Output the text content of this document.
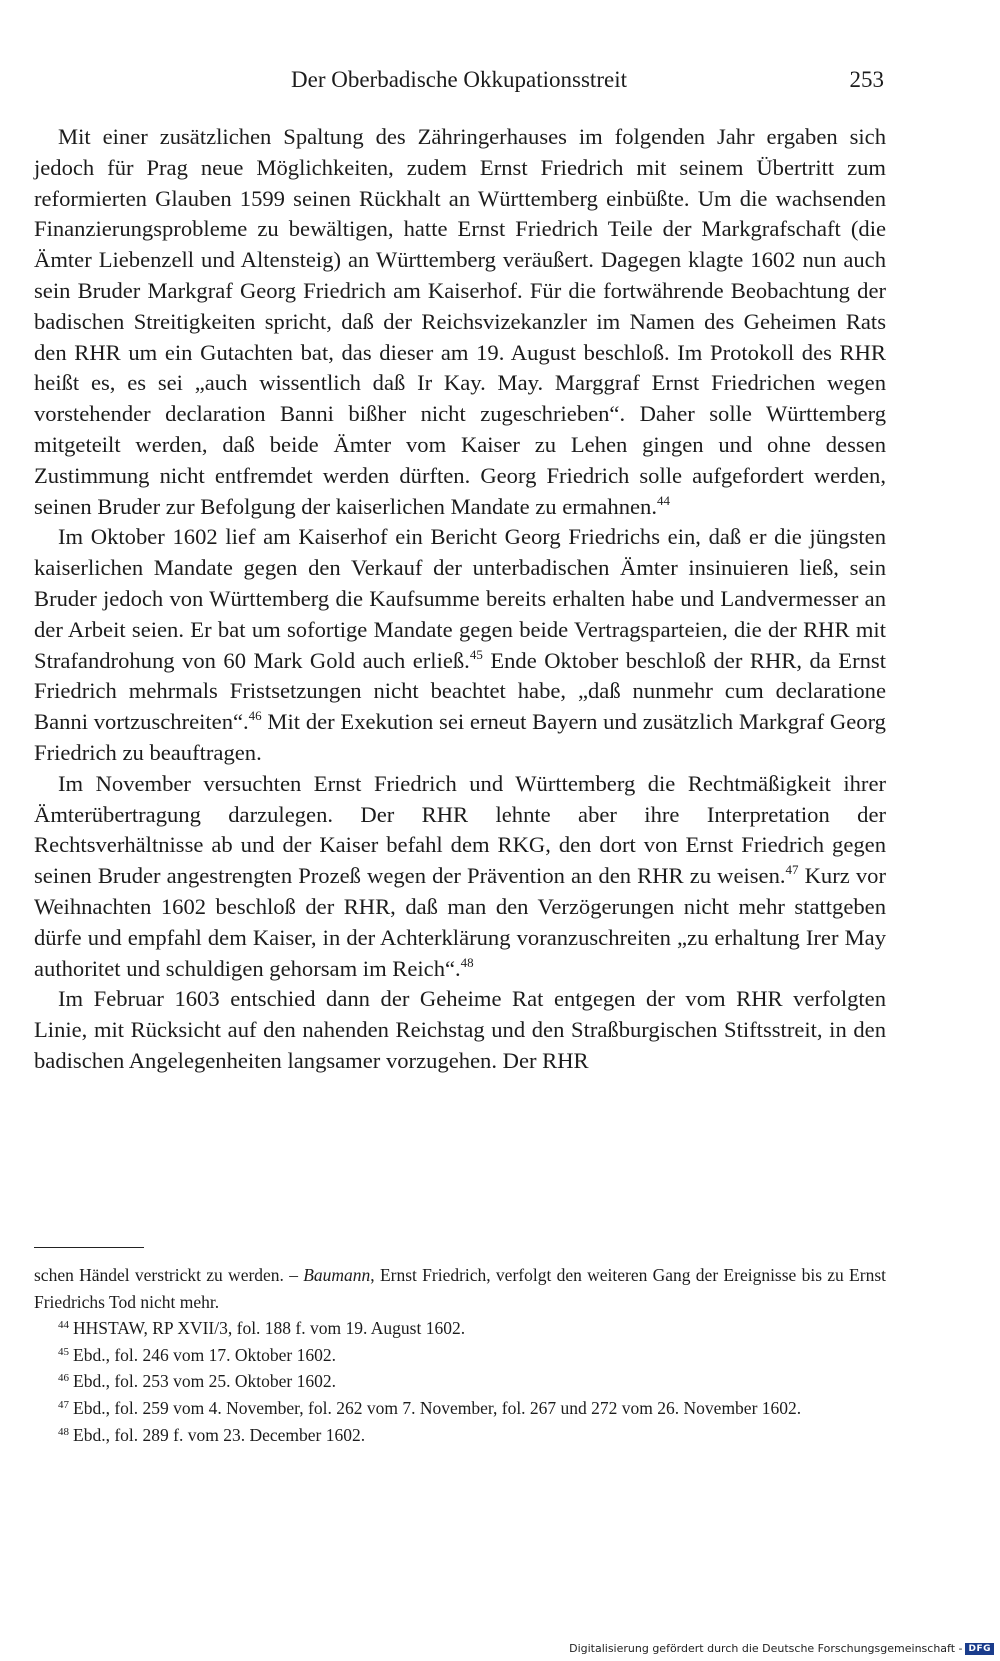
Der Oberbadische Okkupationsstreit	253

Mit einer zusätzlichen Spaltung des Zähringerhauses im folgenden Jahr ergaben sich jedoch für Prag neue Möglichkeiten, zudem Ernst Friedrich mit seinem Übertritt zum reformierten Glauben 1599 seinen Rückhalt an Württemberg einbüßte. Um die wachsenden Finanzierungsprobleme zu bewältigen, hatte Ernst Friedrich Teile der Markgrafschaft (die Ämter Liebenzell und Altensteig) an Württemberg veräußert. Dagegen klagte 1602 nun auch sein Bruder Markgraf Georg Friedrich am Kaiserhof. Für die fortwährende Beobachtung der badischen Streitigkeiten spricht, daß der Reichsvizekanzler im Namen des Geheimen Rats den RHR um ein Gutachten bat, das dieser am 19. August beschloß. Im Protokoll des RHR heißt es, es sei „auch wissentlich daß Ir Kay. May. Marggraf Ernst Friedrichen wegen vorstehender declaration Banni bißher nicht zugeschrieben“. Daher solle Württemberg mitgeteilt werden, daß beide Ämter vom Kaiser zu Lehen gingen und ohne dessen Zustimmung nicht entfremdet werden dürften. Georg Friedrich solle aufgefordert werden, seinen Bruder zur Befolgung der kaiserlichen Mandate zu ermahnen.$^{44}$

Im Oktober 1602 lief am Kaiserhof ein Bericht Georg Friedrichs ein, daß er die jüngsten kaiserlichen Mandate gegen den Verkauf der unterbadischen Ämter insinuieren ließ, sein Bruder jedoch von Württemberg die Kaufsumme bereits erhalten habe und Landvermesser an der Arbeit seien. Er bat um sofortige Mandate gegen beide Vertragsparteien, die der RHR mit Strafandrohung von 60 Mark Gold auch erließ.$^{45}$ Ende Oktober beschloß der RHR, da Ernst Friedrich mehrmals Fristsetzungen nicht beachtet habe, „daß nunmehr cum declaratione Banni vortzuschreiten“.$^{46}$ Mit der Exekution sei erneut Bayern und zusätzlich Markgraf Georg Friedrich zu beauftragen.

Im November versuchten Ernst Friedrich und Württemberg die Rechtmäßigkeit ihrer Ämterübertragung darzulegen. Der RHR lehnte aber ihre Interpretation der Rechtsverhältnisse ab und der Kaiser befahl dem RKG, den dort von Ernst Friedrich gegen seinen Bruder angestrengten Prozeß wegen der Prävention an den RHR zu weisen.$^{47}$ Kurz vor Weihnachten 1602 beschloß der RHR, daß man den Verzögerungen nicht mehr stattgeben dürfe und empfahl dem Kaiser, in der Achterklärung voranzuschreiten „zu erhaltung Irer May authoritet und schuldigen gehorsam im Reich“.$^{48}$

Im Februar 1603 entschied dann der Geheime Rat entgegen der vom RHR verfolgten Linie, mit Rücksicht auf den nahenden Reichstag und den Straßburgischen Stiftsstreit, in den badischen Angelegenheiten langsamer vorzugehen. Der RHR

schen Händel verstrickt zu werden. – Baumann, Ernst Friedrich, verfolgt den weiteren Gang der Ereignisse bis zu Ernst Friedrichs Tod nicht mehr.

$^{44}$ HHSTAW, RP XVII/3, fol. 188 f. vom 19. August 1602.

$^{45}$ Ebd., fol. 246 vom 17. Oktober 1602.

$^{46}$ Ebd., fol. 253 vom 25. Oktober 1602.

$^{47}$ Ebd., fol. 259 vom 4. November, fol. 262 vom 7. November, fol. 267 und 272 vom 26. November 1602.

$^{48}$ Ebd., fol. 289 f. vom 23. December 1602.

Digitalisierung gefördert durch die Deutsche Forschungsgemeinschaft - DFG
